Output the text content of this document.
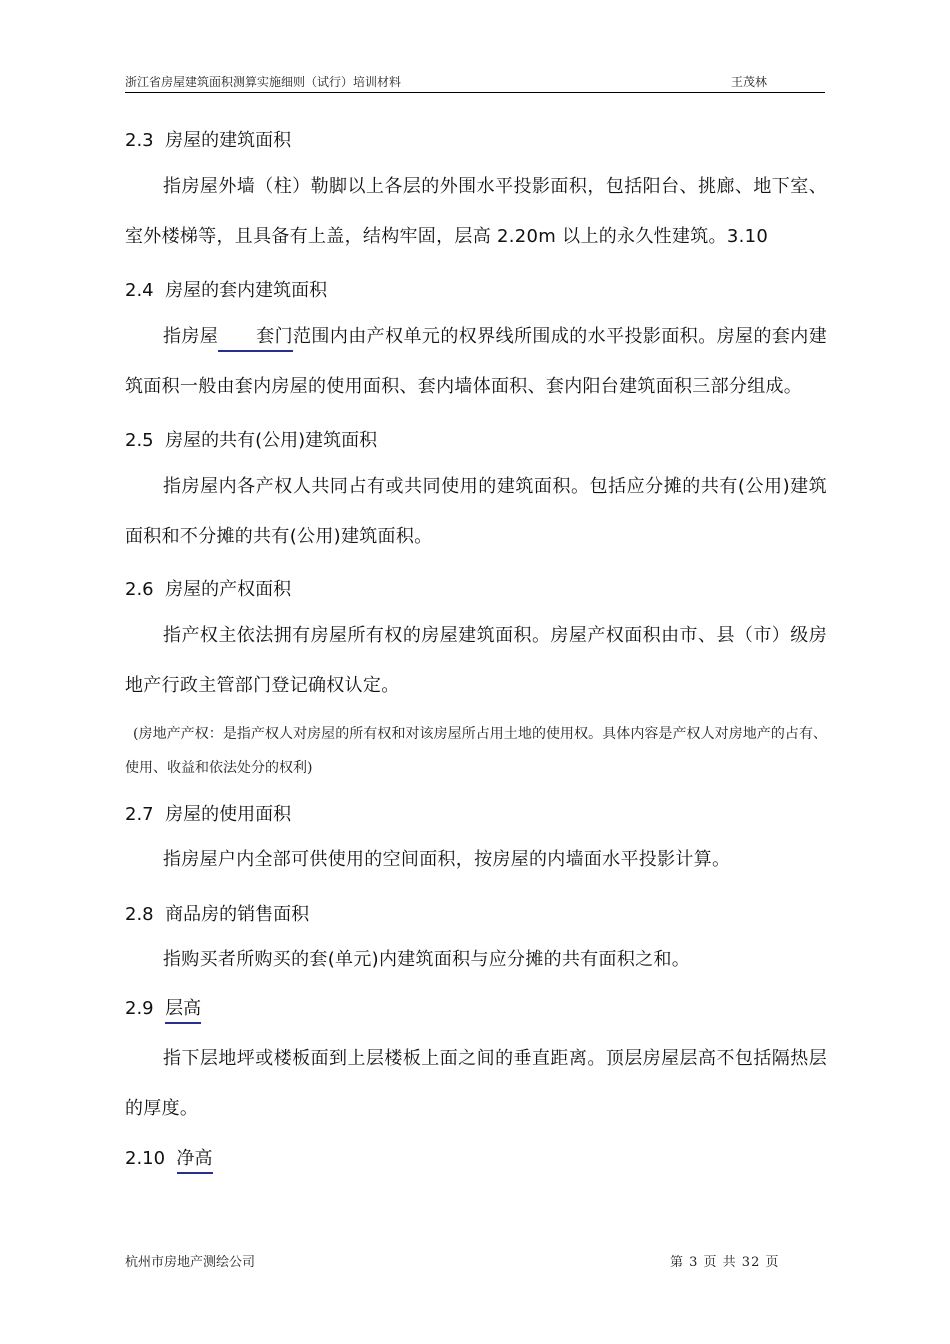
浙江省房屋建筑面积测算实施细则（试行）培训材料	王茂林
2.3 房屋的建筑面积
指房屋外墙（柱）勒脚以上各层的外围水平投影面积，包括阳台、挑廊、地下室、室外楼梯等，且具备有上盖，结构牢固，层高 2.20m 以上的永久性建筑。3.10
2.4 房屋的套内建筑面积
指房屋 套门范围内由产权单元的权界线所围成的水平投影面积。房屋的套内建筑面积一般由套内房屋的使用面积、套内墙体面积、套内阳台建筑面积三部分组成。
2.5 房屋的共有(公用)建筑面积
指房屋内各产权人共同占有或共同使用的建筑面积。包括应分摊的共有(公用)建筑面积和不分摊的共有(公用)建筑面积。
2.6 房屋的产权面积
指产权主依法拥有房屋所有权的房屋建筑面积。房屋产权面积由市、县（市）级房地产行政主管部门登记确权认定。
(房地产产权：是指产权人对房屋的所有权和对该房屋所占用土地的使用权。具体内容是产权人对房地产的占有、使用、收益和依法处分的权利)
2.7 房屋的使用面积
指房屋户内全部可供使用的空间面积，按房屋的内墙面水平投影计算。
2.8 商品房的销售面积
指购买者所购买的套(单元)内建筑面积与应分摊的共有面积之和。
2.9 层高
指下层地坪或楼板面到上层楼板上面之间的垂直距离。顶层房屋层高不包括隔热层的厚度。
2.10 净高
杭州市房地产测绘公司	第 3 页 共 32 页
